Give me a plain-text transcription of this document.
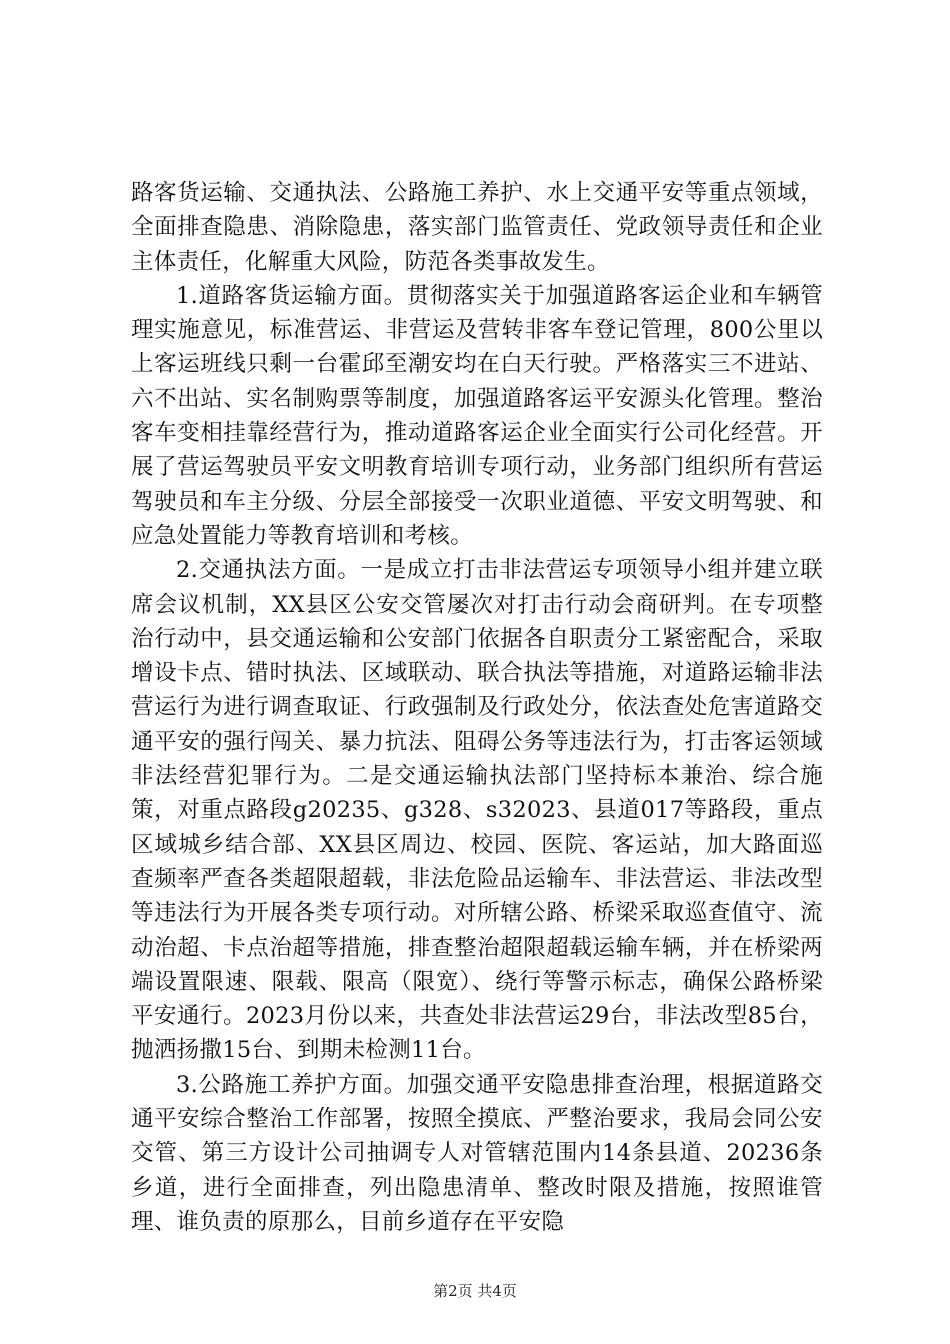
路客货运输、交通执法、公路施工养护、水上交通平安等重点领域，全面排查隐患、消除隐患，落实部门监管责任、党政领导责任和企业主体责任，化解重大风险，防范各类事故发生。

1.道路客货运输方面。贯彻落实关于加强道路客运企业和车辆管理实施意见，标准营运、非营运及营转非客车登记管理，800公里以上客运班线只剩一台霍邱至潮安均在白天行驶。严格落实三不进站、六不出站、实名制购票等制度，加强道路客运平安源头化管理。整治客车变相挂靠经营行为，推动道路客运企业全面实行公司化经营。开展了营运驾驶员平安文明教育培训专项行动，业务部门组织所有营运驾驶员和车主分级、分层全部接受一次职业道德、平安文明驾驶、和应急处置能力等教育培训和考核。

2.交通执法方面。一是成立打击非法营运专项领导小组并建立联席会议机制，XX县区公安交管屡次对打击行动会商研判。在专项整治行动中，县交通运输和公安部门依据各自职责分工紧密配合，采取增设卡点、错时执法、区域联动、联合执法等措施，对道路运输非法营运行为进行调查取证、行政强制及行政处分，依法查处危害道路交通平安的强行闯关、暴力抗法、阻碍公务等违法行为，打击客运领域非法经营犯罪行为。二是交通运输执法部门坚持标本兼治、综合施策，对重点路段g20235、g328、s32023、县道017等路段，重点区域城乡结合部、XX县区周边、校园、医院、客运站，加大路面巡查频率严查各类超限超载，非法危险品运输车、非法营运、非法改型等违法行为开展各类专项行动。对所辖公路、桥梁采取巡查值守、流动治超、卡点治超等措施，排查整治超限超载运输车辆，并在桥梁两端设置限速、限载、限高（限宽）、绕行等警示标志，确保公路桥梁平安通行。2023月份以来，共查处非法营运29台，非法改型85台，抛洒扬撒15台、到期未检测11台。

3.公路施工养护方面。加强交通平安隐患排查治理，根据道路交通平安综合整治工作部署，按照全摸底、严整治要求，我局会同公安交管、第三方设计公司抽调专人对管辖范围内14条县道、20236条乡道，进行全面排查，列出隐患清单、整改时限及措施，按照谁管理、谁负责的原那么，目前乡道存在平安隐

第2页 共4页
